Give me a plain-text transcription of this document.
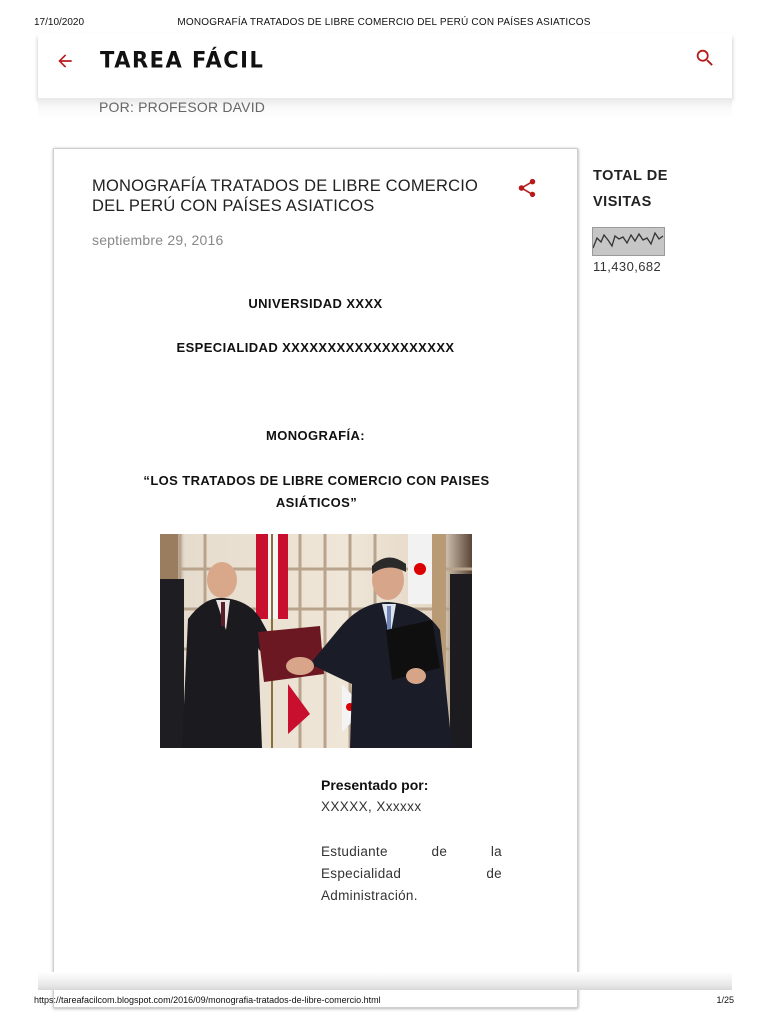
17/10/2020	MONOGRAFÍA TRATADOS DE LIBRE COMERCIO DEL PERÚ CON PAÍSES ASIATICOS
TAREA FÁCIL
POR: PROFESOR DAVID
MONOGRAFÍA TRATADOS DE LIBRE COMERCIO DEL PERÚ CON PAÍSES ASIATICOS
septiembre 29, 2016
UNIVERSIDAD XXXX
ESPECIALIDAD XXXXXXXXXXXXXXXXXXX
MONOGRAFÍA:
“LOS TRATADOS DE LIBRE COMERCIO CON PAISES ASIÁTICOS”
Presentado por:
XXXXX, Xxxxxx
Estudiante de la Especialidad de Administración.
TOTAL DE VISITAS
11,430,682
https://tareafacilcom.blogspot.com/2016/09/monografia-tratados-de-libre-comercio.html	1/25
